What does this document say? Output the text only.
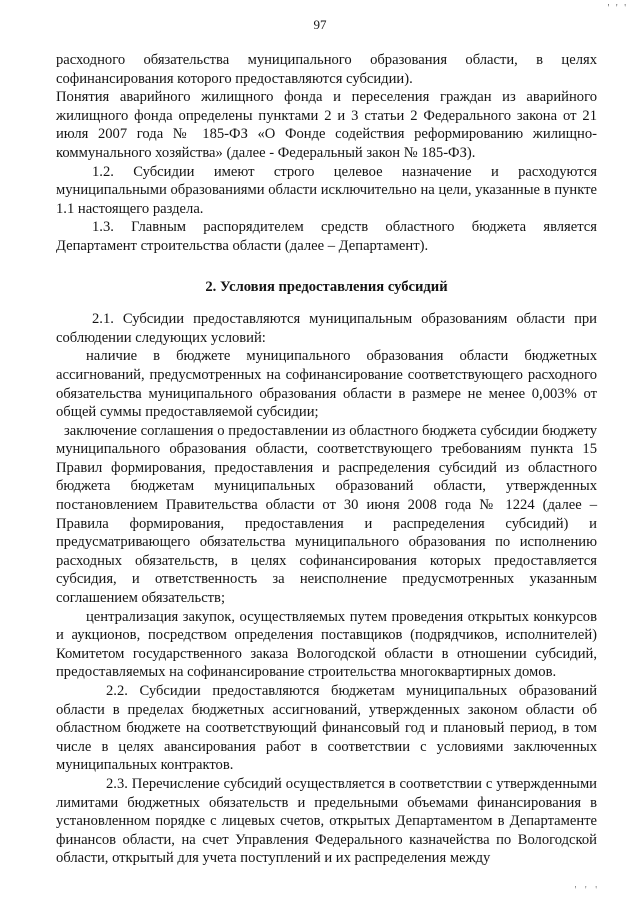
' ' '
97

расходного обязательства муниципального образования области, в целях софинансирования которого предоставляются субсидии).

Понятия аварийного жилищного фонда и переселения граждан из аварийного жилищного фонда определены пунктами 2 и 3 статьи 2 Федерального закона от 21 июля 2007 года № 185-ФЗ «О Фонде содействия реформированию жилищно-коммунального хозяйства» (далее - Федеральный закон № 185-ФЗ).

1.2. Субсидии имеют строго целевое назначение и расходуются муниципальными образованиями области исключительно на цели, указанные в пункте 1.1 настоящего раздела.

1.3. Главным распорядителем средств областного бюджета является Департамент строительства области (далее – Департамент).

2. Условия предоставления субсидий

2.1. Субсидии предоставляются муниципальным образованиям области при соблюдении следующих условий:

наличие в бюджете муниципального образования области бюджетных ассигнований, предусмотренных на софинансирование соответствующего расходного обязательства муниципального образования области в размере не менее 0,003% от общей суммы предоставляемой субсидии;

заключение соглашения о предоставлении из областного бюджета субсидии бюджету муниципального образования области, соответствующего требованиям пункта 15 Правил формирования, предоставления и распределения субсидий из областного бюджета бюджетам муниципальных образований области, утвержденных постановлением Правительства области от 30 июня 2008 года № 1224 (далее – Правила формирования, предоставления и распределения субсидий) и предусматривающего обязательства муниципального образования по исполнению расходных обязательств, в целях софинансирования которых предоставляется субсидия, и ответственность за неисполнение предусмотренных указанным соглашением обязательств;

централизация закупок, осуществляемых путем проведения открытых конкурсов и аукционов, посредством определения поставщиков (подрядчиков, исполнителей) Комитетом государственного заказа Вологодской области в отношении субсидий, предоставляемых на софинансирование строительства многоквартирных домов.

2.2. Субсидии предоставляются бюджетам муниципальных образований области в пределах бюджетных ассигнований, утвержденных законом области об областном бюджете на соответствующий финансовый год и плановый период, в том числе в целях авансирования работ в соответствии с условиями заключенных муниципальных контрактов.

2.3. Перечисление субсидий осуществляется в соответствии с утвержденными лимитами бюджетных обязательств и предельными объемами финансирования в установленном порядке с лицевых счетов, открытых Департаментом в Департаменте финансов области, на счет Управления Федерального казначейства по Вологодской области, открытый для учета поступлений и их распределения между

' ' '
